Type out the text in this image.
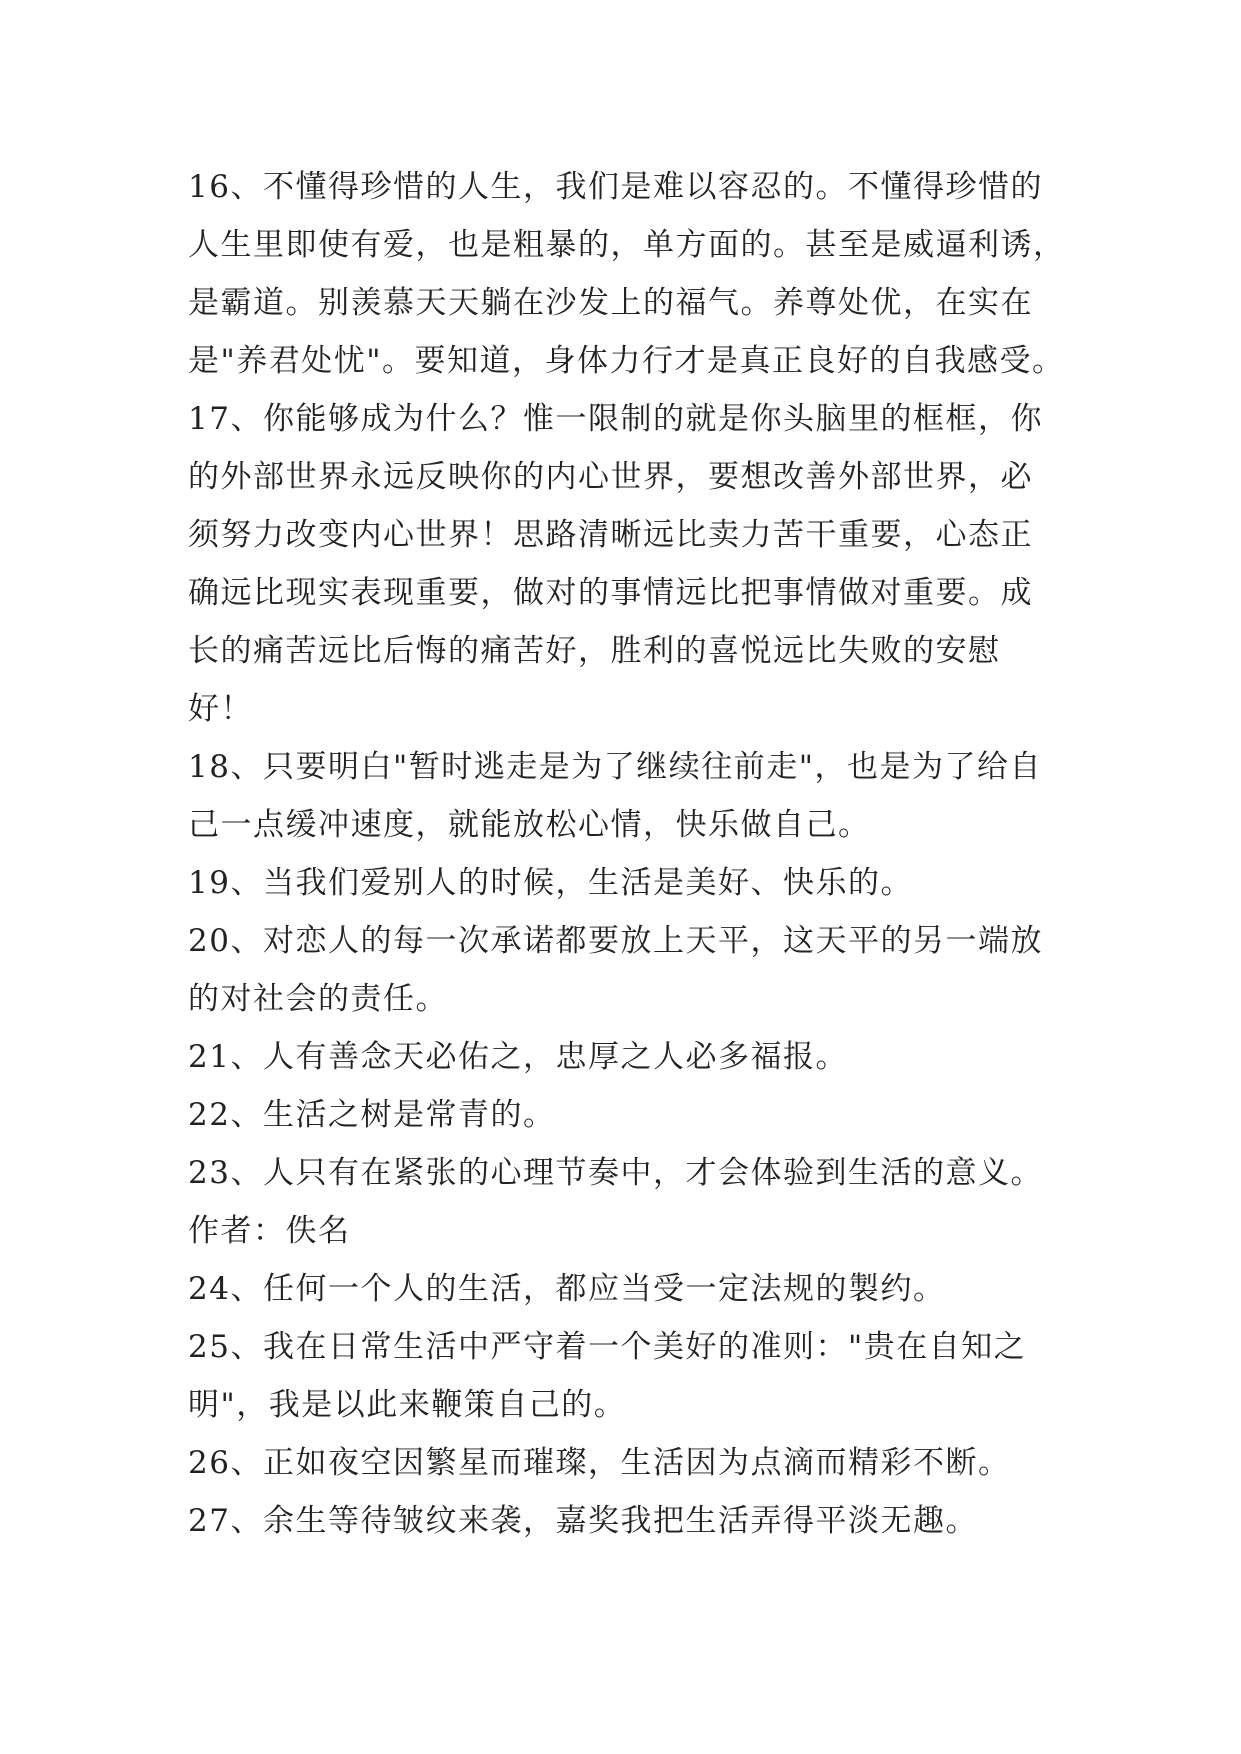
16、不懂得珍惜的人生，我们是难以容忍的。不懂得珍惜的
人生里即使有爱，也是粗暴的，单方面的。甚至是威逼利诱，
是霸道。别羡慕天天躺在沙发上的福气。养尊处优，在实在
是"养君处忧"。要知道，身体力行才是真正良好的自我感受。
17、你能够成为什么？惟一限制的就是你头脑里的框框，你
的外部世界永远反映你的内心世界，要想改善外部世界，必
须努力改变内心世界！思路清晰远比卖力苦干重要，心态正
确远比现实表现重要，做对的事情远比把事情做对重要。成
长的痛苦远比后悔的痛苦好，胜利的喜悦远比失败的安慰
好！
18、只要明白"暂时逃走是为了继续往前走"，也是为了给自
己一点缓冲速度，就能放松心情，快乐做自己。
19、当我们爱别人的时候，生活是美好、快乐的。
20、对恋人的每一次承诺都要放上天平，这天平的另一端放
的对社会的责任。
21、人有善念天必佑之，忠厚之人必多福报。
22、生活之树是常青的。
23、人只有在紧张的心理节奏中，才会体验到生活的意义。
作者：佚名
24、任何一个人的生活，都应当受一定法规的製约。
25、我在日常生活中严守着一个美好的准则："贵在自知之
明"，我是以此来鞭策自己的。
26、正如夜空因繁星而璀璨，生活因为点滴而精彩不断。
27、余生等待皱纹来袭，嘉奖我把生活弄得平淡无趣。
